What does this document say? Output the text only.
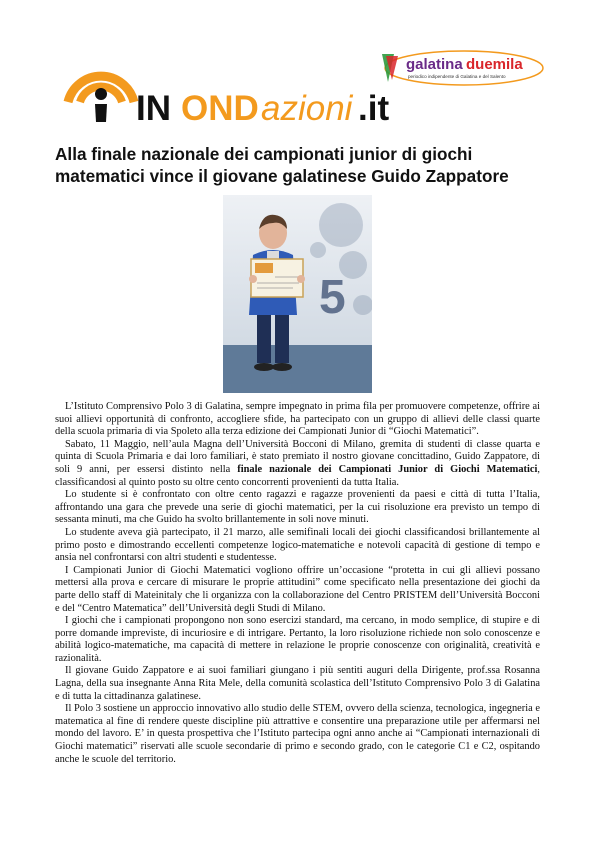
IN OND azioni .it
galatina duemila
periodico indipendente di Galatina e del Salento
Alla finale nazionale dei campionati junior di giochi matematici vince il giovane galatinese Guido Zappatore
5

L’Istituto Comprensivo Polo 3 di Galatina, sempre impegnato in prima fila per promuovere competenze, offrire ai suoi allievi opportunità di confronto, accogliere sfide, ha partecipato con un gruppo di allievi delle classi quarte della scuola primaria di via Spoleto alla terza edizione dei Campionati Junior di “Giochi Matematici”.

Sabato, 11 Maggio, nell’aula Magna dell’Università Bocconi di Milano, gremita di studenti di classe quarta e quinta di Scuola Primaria e dai loro familiari, è stato premiato il nostro giovane concittadino, Guido Zappatore, di soli 9 anni, per essersi distinto nella finale nazionale dei Campionati Junior di Giochi Matematici, classificandosi al quinto posto su oltre cento concorrenti provenienti da tutta Italia.

Lo studente si è confrontato con oltre cento ragazzi e ragazze provenienti da paesi e città di tutta l’Italia, affrontando una gara che prevede una serie di giochi matematici, per la cui risoluzione era previsto un tempo di sessanta minuti, ma che Guido ha svolto brillantemente in soli nove minuti.

Lo studente aveva già partecipato, il 21 marzo, alle semifinali locali dei giochi classificandosi brillantemente al primo posto e dimostrando eccellenti competenze logico-matematiche e notevoli capacità di gestione di tempo e ansia nel confrontarsi con altri studenti e studentesse.

I Campionati Junior di Giochi Matematici vogliono offrire un’occasione “protetta in cui gli allievi possano mettersi alla prova e cercare di misurare le proprie attitudini” come specificato nella presentazione dei giochi da parte dello staff di Mateinitaly che li organizza con la collaborazione del Centro PRISTEM dell’Università Bocconi e del “Centro Matematica” dell’Università degli Studi di Milano.

I giochi che i campionati propongono non sono esercizi standard, ma cercano, in modo semplice, di stupire e di porre domande impreviste, di incuriosire e di intrigare. Pertanto, la loro risoluzione richiede non solo conoscenze e abilità logico-matematiche, ma capacità di mettere in relazione le proprie conoscenze con originalità, creatività e razionalità.

Il giovane Guido Zappatore e ai suoi familiari giungano i più sentiti auguri della Dirigente, prof.ssa Rosanna Lagna, della sua insegnante Anna Rita Mele, della comunità scolastica dell’Istituto Comprensivo Polo 3 di Galatina e di tutta la cittadinanza galatinese.

Il Polo 3 sostiene un approccio innovativo allo studio delle STEM, ovvero della scienza, tecnologica, ingegneria e matematica al fine di rendere queste discipline più attrattive e consentire una preparazione utile per affermarsi nel mondo del lavoro. E’ in questa prospettiva che l’Istituto partecipa ogni anno anche ai “Campionati internazionali di Giochi matematici” riservati alle scuole secondarie di primo e secondo grado, con le categorie C1 e C2, ospitando anche le scuole del territorio.
